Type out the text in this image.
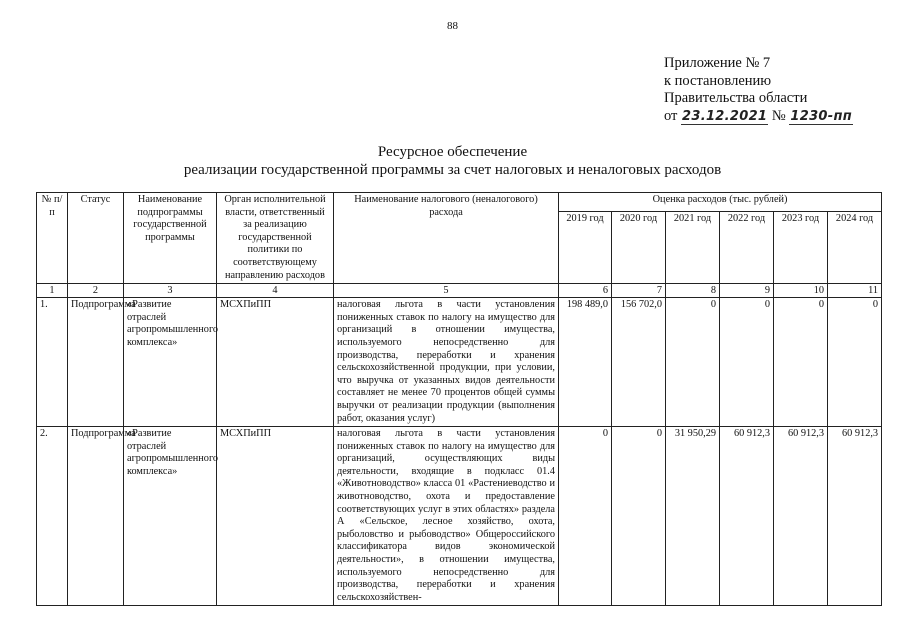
88
Приложение № 7
к постановлению
Правительства области
от 23.12.2021 № 1230-пп
Ресурсное обеспечение
реализации государственной программы за счет налоговых и неналоговых расходов
№ п/п	Статус	Наименование подпрограммы государственной программы	Орган исполнительной власти, ответственный за реализацию государственной политики по соответствующему направлению расходов	Наименование налогового (неналогового) расхода	Оценка расходов (тыс. рублей)					
					2019 год	2020 год	2021 год	2022 год	2023 год	2024 год
1	2	3	4	5	6	7	8	9	10	11
1.	Подпрограмма	«Развитие отраслей агропромышленного комплекса»	МСХПиПП	налоговая льгота в части установления пониженных ставок по налогу на имущество для организаций в отношении имущества, используемого непосредственно для производства, переработки и хранения сельскохозяйственной продукции, при условии, что выручка от указанных видов деятельности составляет не менее 70 процентов общей суммы выручки от реализации продукции (выполнения работ, оказания услуг)	198 489,0	156 702,0	0	0	0	0
2.	Подпрограмма	«Развитие отраслей агропромышленного комплекса»	МСХПиПП	налоговая льгота в части установления пониженных ставок по налогу на имущество для организаций, осуществляющих виды деятельности, входящие в подкласс 01.4 «Животноводство» класса 01 «Растениеводство и животноводство, охота и предоставление соответствующих услуг в этих областях» раздела А «Сельское, лесное хозяйство, охота, рыболовство и рыбоводство» Общероссийского классификатора видов экономической деятельности», в отношении имущества, используемого непосредственно для производства, переработки и хранения сельскохозяйствен-	0	0	31 950,29	60 912,3	60 912,3	60 912,3
